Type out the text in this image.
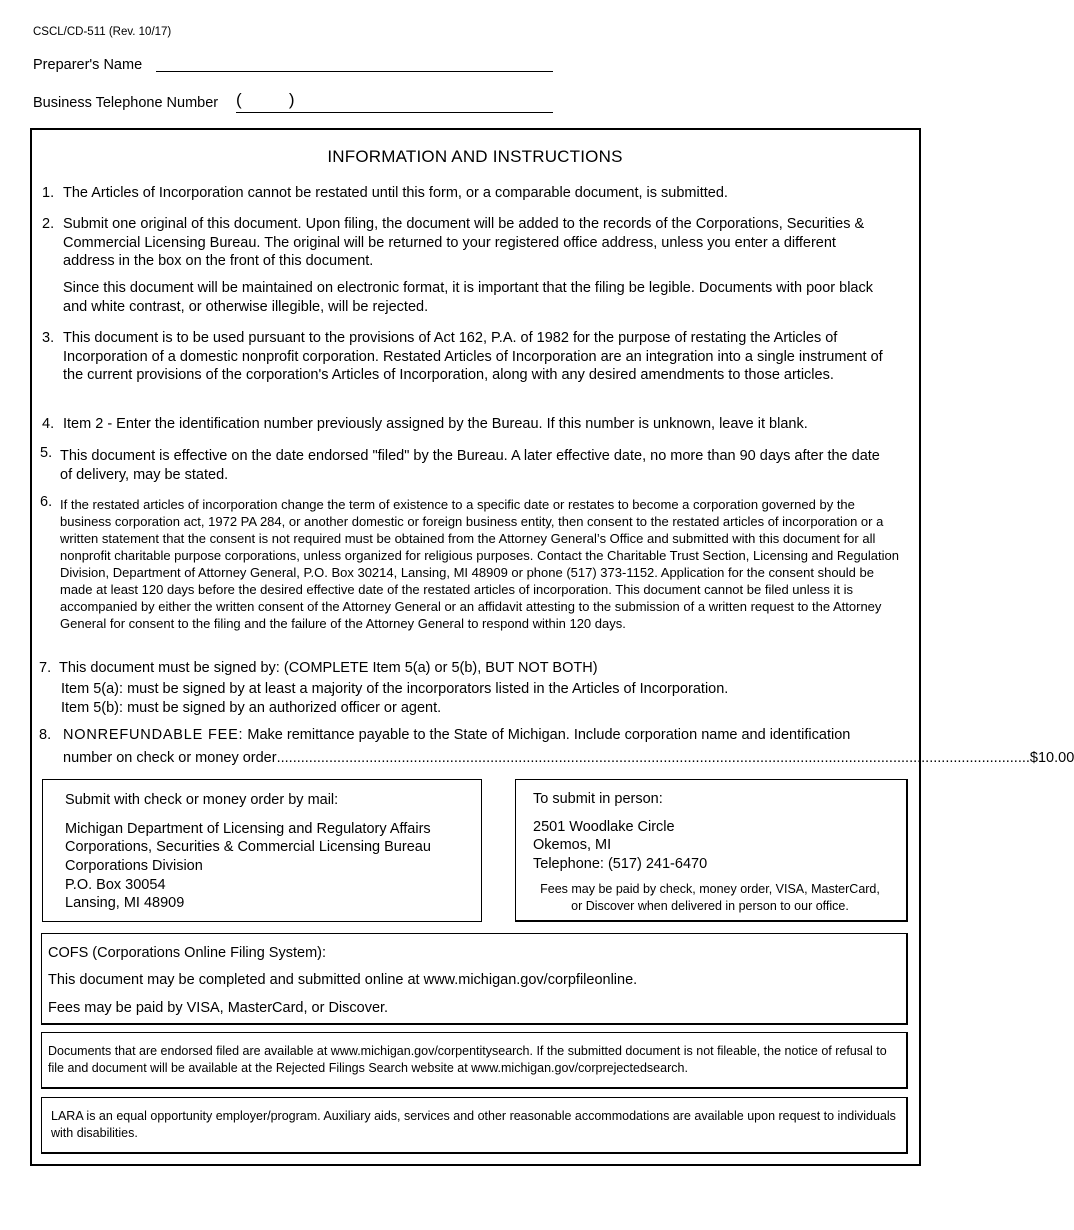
CSCL/CD-511 (Rev. 10/17)
Preparer's Name
Business Telephone Number (          )
INFORMATION AND INSTRUCTIONS
1. The Articles of Incorporation cannot be restated until this form, or a comparable document, is submitted.
2. Submit one original of this document. Upon filing, the document will be added to the records of the Corporations, Securities & Commercial Licensing Bureau. The original will be returned to your registered office address, unless you enter a different address in the box on the front of this document.
Since this document will be maintained on electronic format, it is important that the filing be legible. Documents with poor black and white contrast, or otherwise illegible, will be rejected.
3. This document is to be used pursuant to the provisions of Act 162, P.A. of 1982 for the purpose of restating the Articles of Incorporation of a domestic nonprofit corporation. Restated Articles of Incorporation are an integration into a single instrument of the current provisions of the corporation's Articles of Incorporation, along with any desired amendments to those articles.
4. Item 2 - Enter the identification number previously assigned by the Bureau. If this number is unknown, leave it blank.
5. This document is effective on the date endorsed "filed" by the Bureau. A later effective date, no more than 90 days after the date of delivery, may be stated.
6. If the restated articles of incorporation change the term of existence to a specific date or restates to become a corporation governed by the business corporation act, 1972 PA 284, or another domestic or foreign business entity, then consent to the restated articles of incorporation or a written statement that the consent is not required must be obtained from the Attorney General’s Office and submitted with this document for all nonprofit charitable purpose corporations, unless organized for religious purposes. Contact the Charitable Trust Section, Licensing and Regulation Division, Department of Attorney General, P.O. Box 30214, Lansing, MI 48909 or phone (517) 373-1152. Application for the consent should be made at least 120 days before the desired effective date of the restated articles of incorporation. This document cannot be filed unless it is accompanied by either the written consent of the Attorney General or an affidavit attesting to the submission of a written request to the Attorney General for consent to the filing and the failure of the Attorney General to respond within 120 days.
7. This document must be signed by: (COMPLETE Item 5(a) or 5(b), BUT NOT BOTH)
Item 5(a): must be signed by at least a majority of the incorporators listed in the Articles of Incorporation.
Item 5(b): must be signed by an authorized officer or agent.
8. NONREFUNDABLE FEE: Make remittance payable to the State of Michigan. Include corporation name and identification
number on check or money order ........................................................................................................................................................................................... $10.00
Submit with check or money order by mail:
Michigan Department of Licensing and Regulatory Affairs
Corporations, Securities & Commercial Licensing Bureau
Corporations Division
P.O. Box 30054
Lansing, MI 48909
To submit in person:
2501 Woodlake Circle
Okemos, MI
Telephone: (517) 241-6470
Fees may be paid by check, money order, VISA, MasterCard,
or Discover when delivered in person to our office.
COFS (Corporations Online Filing System):
This document may be completed and submitted online at www.michigan.gov/corpfileonline.
Fees may be paid by VISA, MasterCard, or Discover.
Documents that are endorsed filed are available at www.michigan.gov/corpentitysearch. If the submitted document is not fileable, the notice of refusal to file and document will be available at the Rejected Filings Search website at www.michigan.gov/corprejectedsearch.
LARA is an equal opportunity employer/program. Auxiliary aids, services and other reasonable accommodations are available upon request to individuals with disabilities.
